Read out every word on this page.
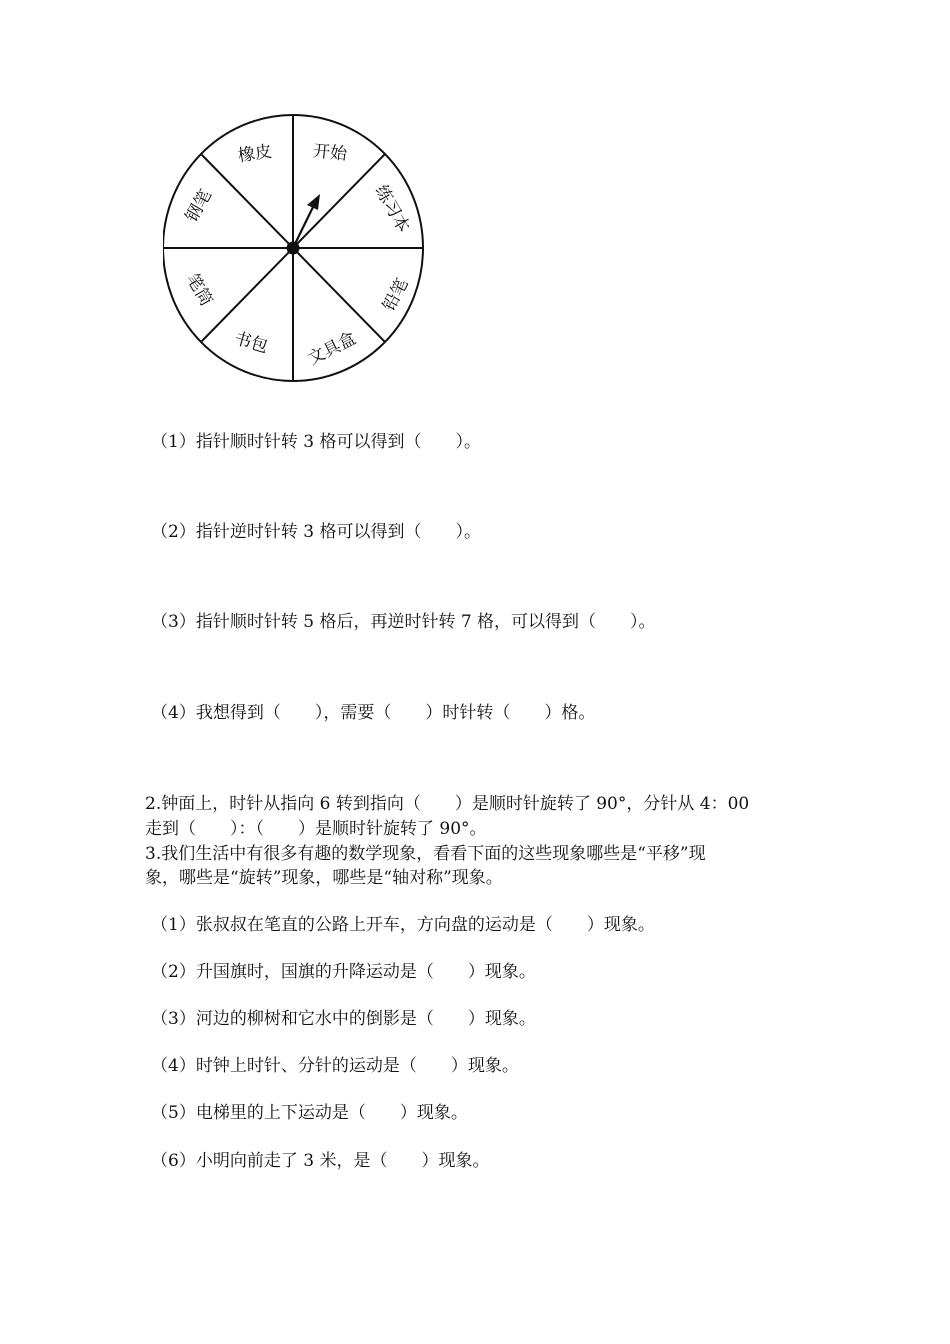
开始
练习本
铅笔
文具盒
书包
笔筒
钢笔
橡皮
（1）指针顺时针转 3 格可以得到（　　）。
（2）指针逆时针转 3 格可以得到（　　）。
（3）指针顺时针转 5 格后，再逆时针转 7 格，可以得到（　　）。
（4）我想得到（　　），需要（　　）时针转（　　）格。
2.钟面上，时针从指向 6 转到指向（　　）是顺时针旋转了 90°，分针从 4：00
走到（　　）：（　　）是顺时针旋转了 90°。
3.我们生活中有很多有趣的数学现象，看看下面的这些现象哪些是“平移”现
象，哪些是“旋转”现象，哪些是“轴对称”现象。
（1）张叔叔在笔直的公路上开车，方向盘的运动是（　　）现象。
（2）升国旗时，国旗的升降运动是（　　）现象。
（3）河边的柳树和它水中的倒影是（　　）现象。
（4）时钟上时针、分针的运动是（　　）现象。
（5）电梯里的上下运动是（　　）现象。
（6）小明向前走了 3 米，是（　　）现象。
